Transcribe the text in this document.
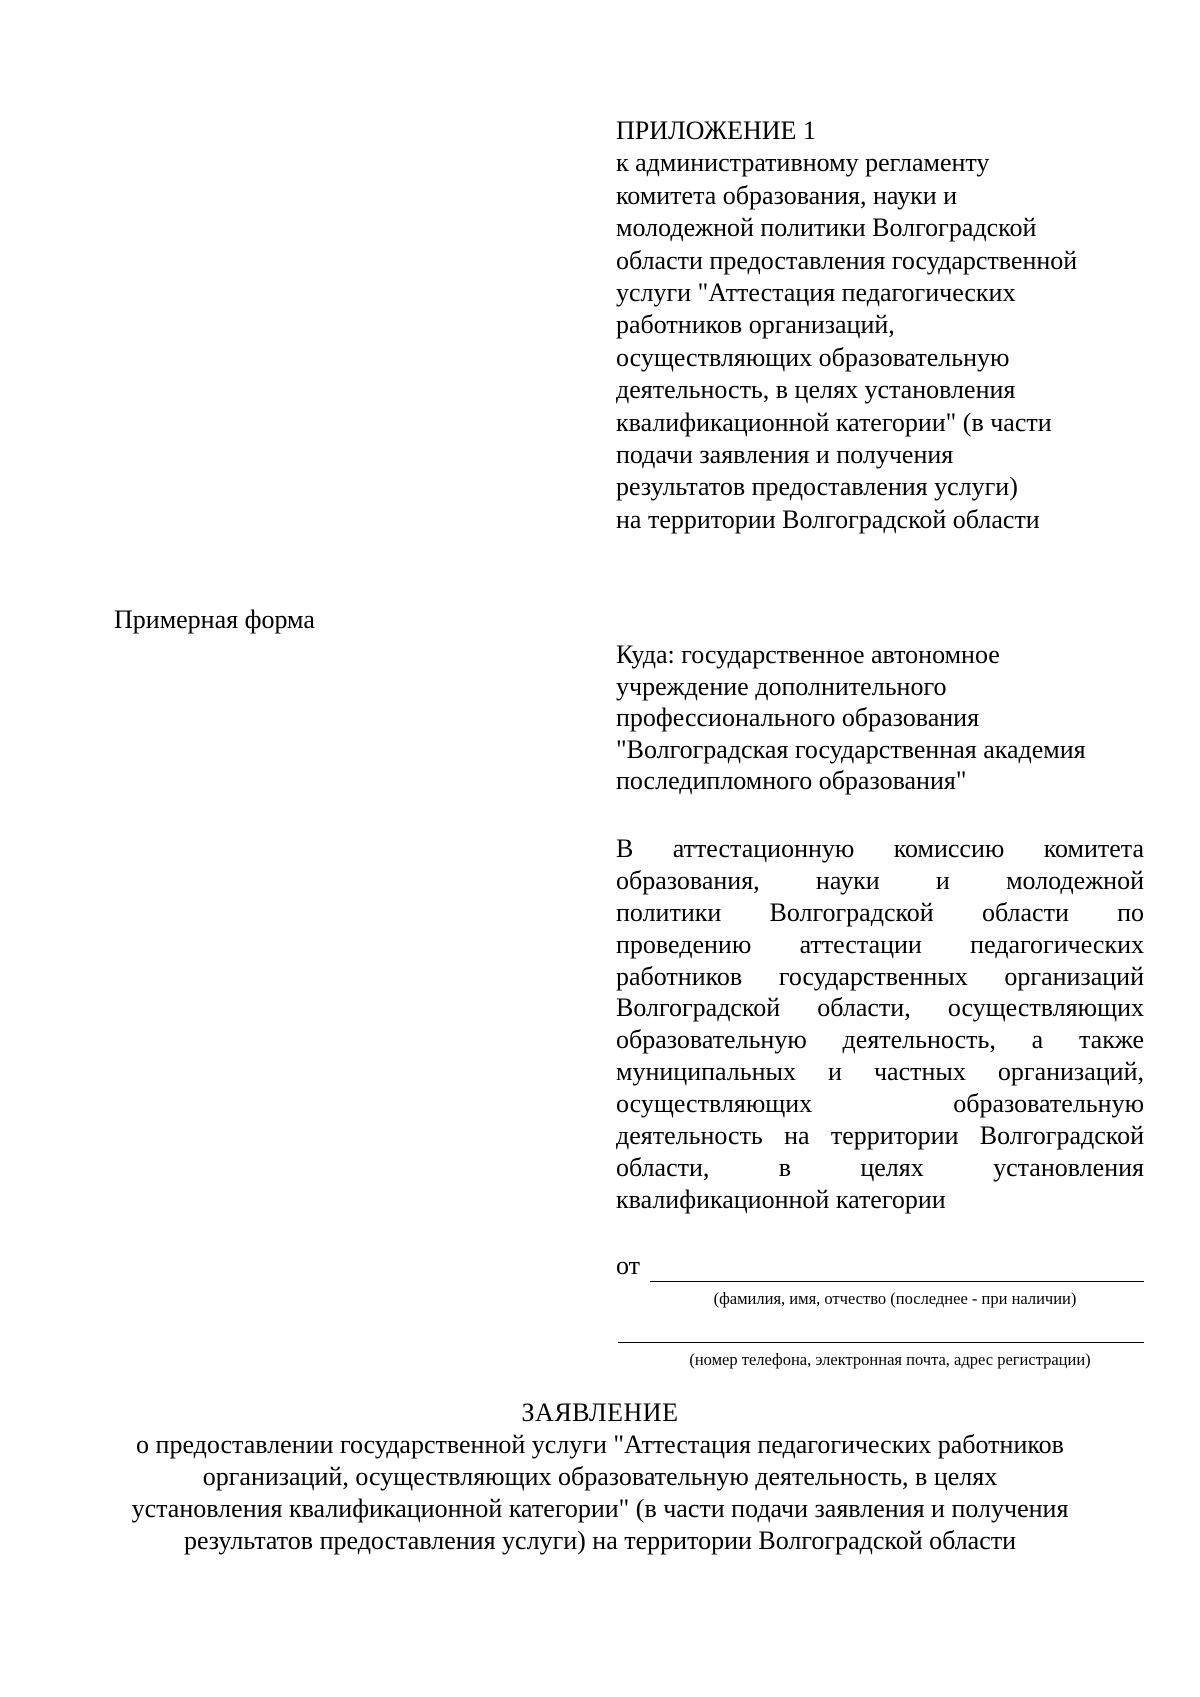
ПРИЛОЖЕНИЕ 1
к административному регламенту
комитета образования, науки и
молодежной политики Волгоградской
области предоставления государственной
услуги "Аттестация педагогических
работников организаций,
осуществляющих образовательную
деятельность, в целях установления
квалификационной категории" (в части
подачи заявления и получения
результатов предоставления услуги)
на территории Волгоградской области
Примерная форма
Куда: государственное автономное
учреждение дополнительного
профессионального образования
"Волгоградская государственная академия
последипломного образования"
В аттестационную комиссию комитета
образования, науки и молодежной
политики Волгоградской области по
проведению аттестации педагогических
работников государственных организаций
Волгоградской области, осуществляющих
образовательную деятельность, а также
муниципальных и частных организаций,
осуществляющих образовательную
деятельность на территории Волгоградской
области, в целях установления
квалификационной категории
от
(фамилия, имя, отчество (последнее - при наличии)
(номер телефона, электронная почта, адрес регистрации)
ЗАЯВЛЕНИЕ
о предоставлении государственной услуги "Аттестация педагогических работников
организаций, осуществляющих образовательную деятельность, в целях
установления квалификационной категории" (в части подачи заявления и получения
результатов предоставления услуги) на территории Волгоградской области
